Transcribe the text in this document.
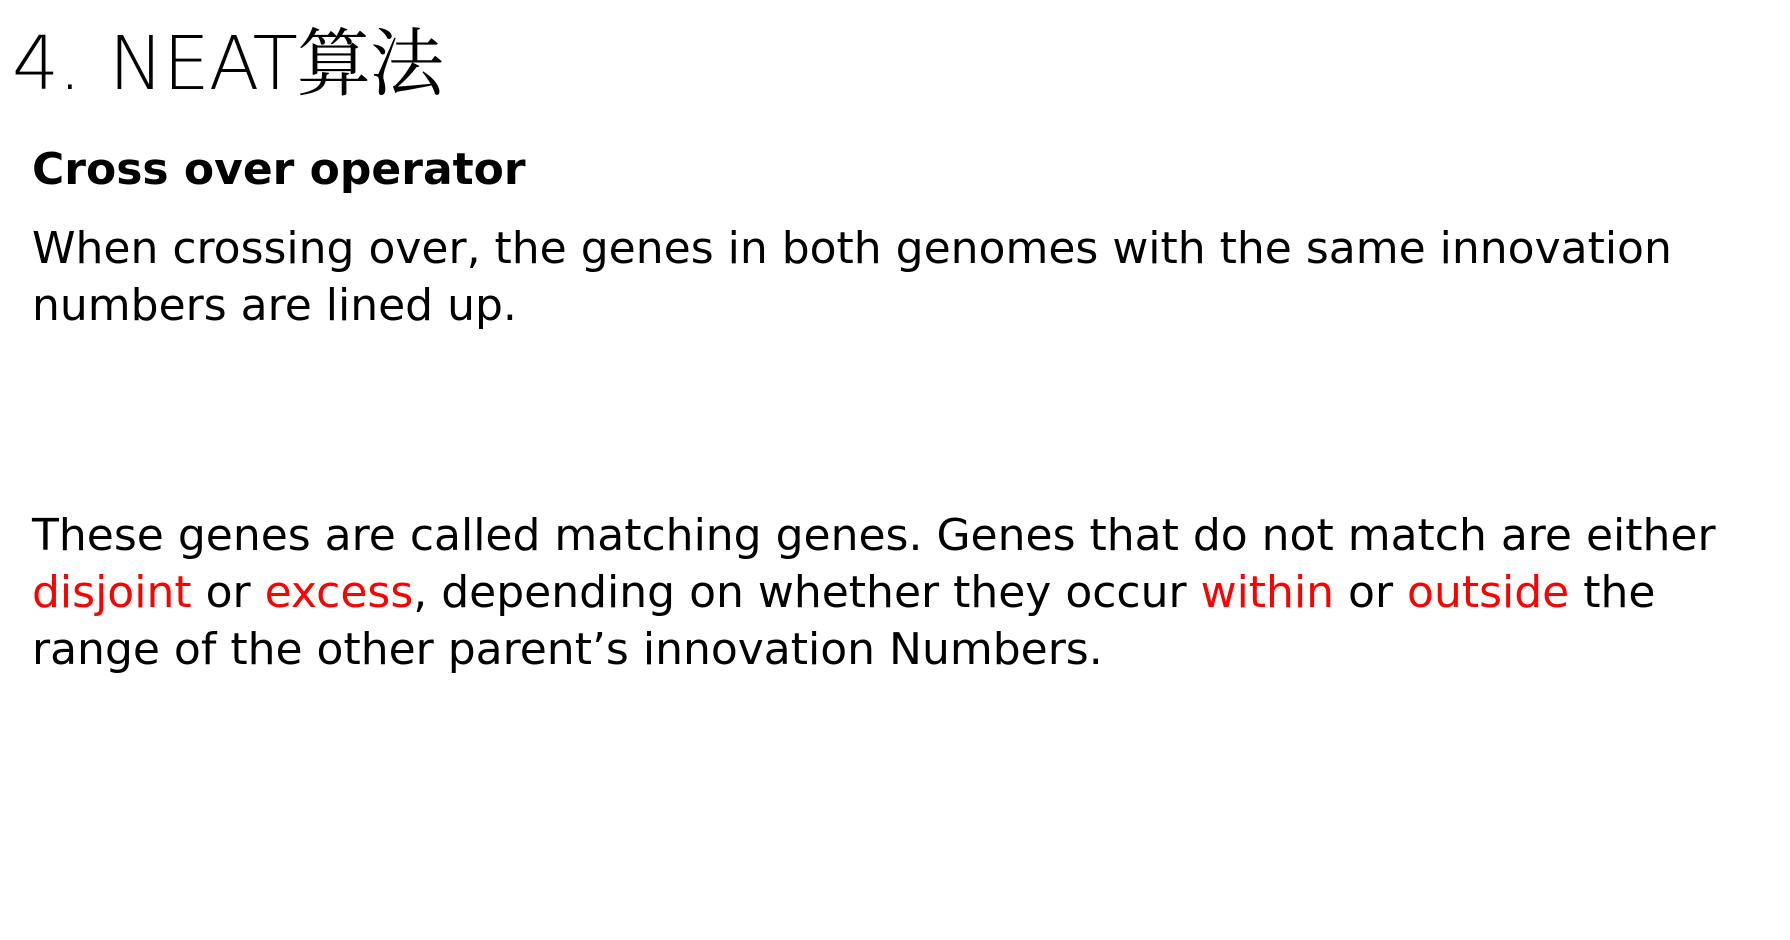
4. NEAT算法
Cross over operator
When crossing over, the genes in both genomes with the same innovation
numbers are lined up.
These genes are called matching genes. Genes that do not match are either
disjoint or excess, depending on whether they occur within or outside the
range of the other parent’s innovation Numbers.
